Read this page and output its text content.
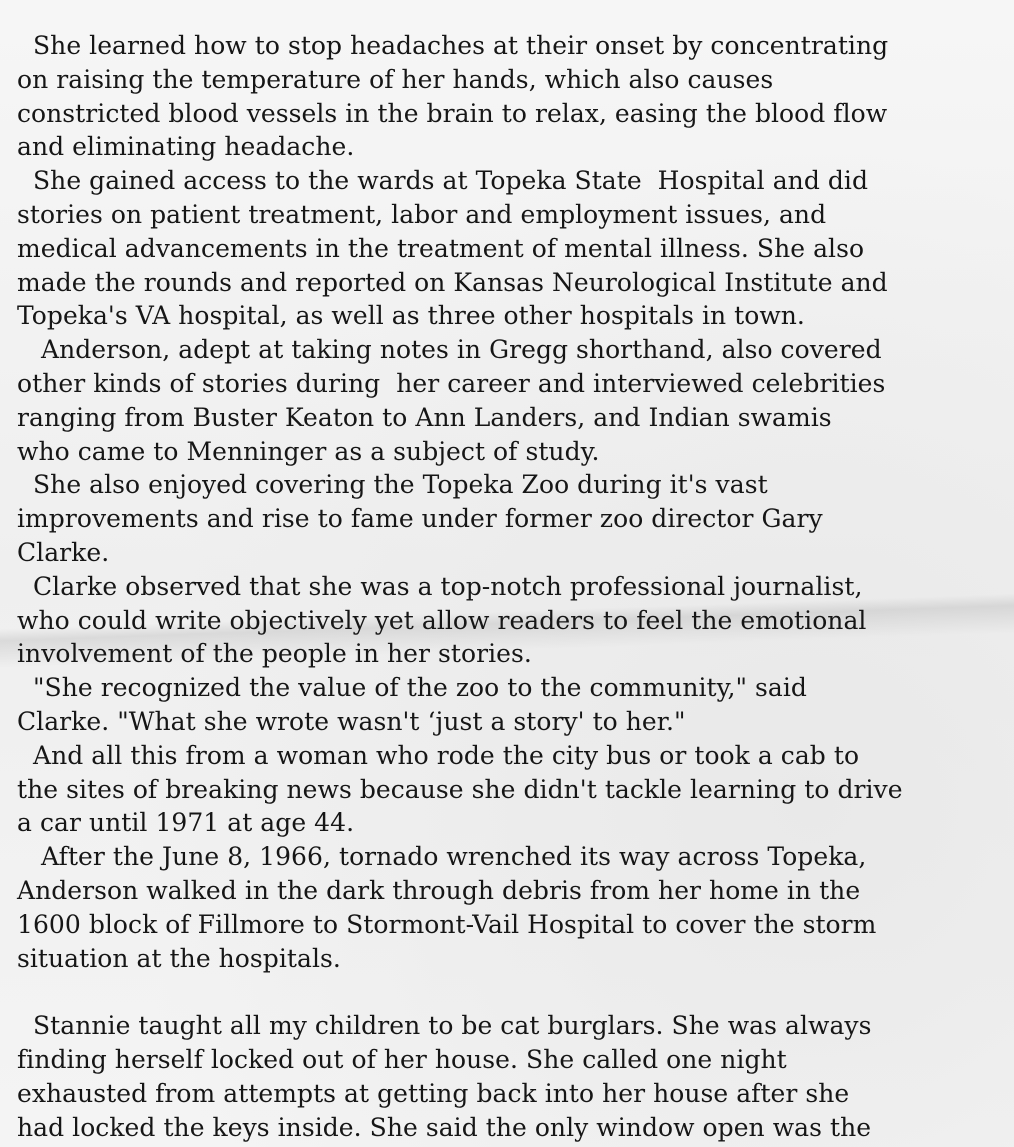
She learned how to stop headaches at their onset by concentrating
on raising the temperature of her hands, which also causes
constricted blood vessels in the brain to relax, easing the blood flow
and eliminating headache.
She gained access to the wards at Topeka State  Hospital and did
stories on patient treatment, labor and employment issues, and
medical advancements in the treatment of mental illness. She also
made the rounds and reported on Kansas Neurological Institute and
Topeka's VA hospital, as well as three other hospitals in town.
Anderson, adept at taking notes in Gregg shorthand, also covered
other kinds of stories during  her career and interviewed celebrities
ranging from Buster Keaton to Ann Landers, and Indian swamis
who came to Menninger as a subject of study.
She also enjoyed covering the Topeka Zoo during it's vast
improvements and rise to fame under former zoo director Gary
Clarke.
Clarke observed that she was a top-notch professional journalist,
who could write objectively yet allow readers to feel the emotional
involvement of the people in her stories.
"She recognized the value of the zoo to the community," said
Clarke. "What she wrote wasn't ‘just a story' to her."
And all this from a woman who rode the city bus or took a cab to
the sites of breaking news because she didn't tackle learning to drive
a car until 1971 at age 44.
After the June 8, 1966, tornado wrenched its way across Topeka,
Anderson walked in the dark through debris from her home in the
1600 block of Fillmore to Stormont-Vail Hospital to cover the storm
situation at the hospitals.
Stannie taught all my children to be cat burglars. She was always
finding herself locked out of her house. She called one night
exhausted from attempts at getting back into her house after she
had locked the keys inside. She said the only window open was the
